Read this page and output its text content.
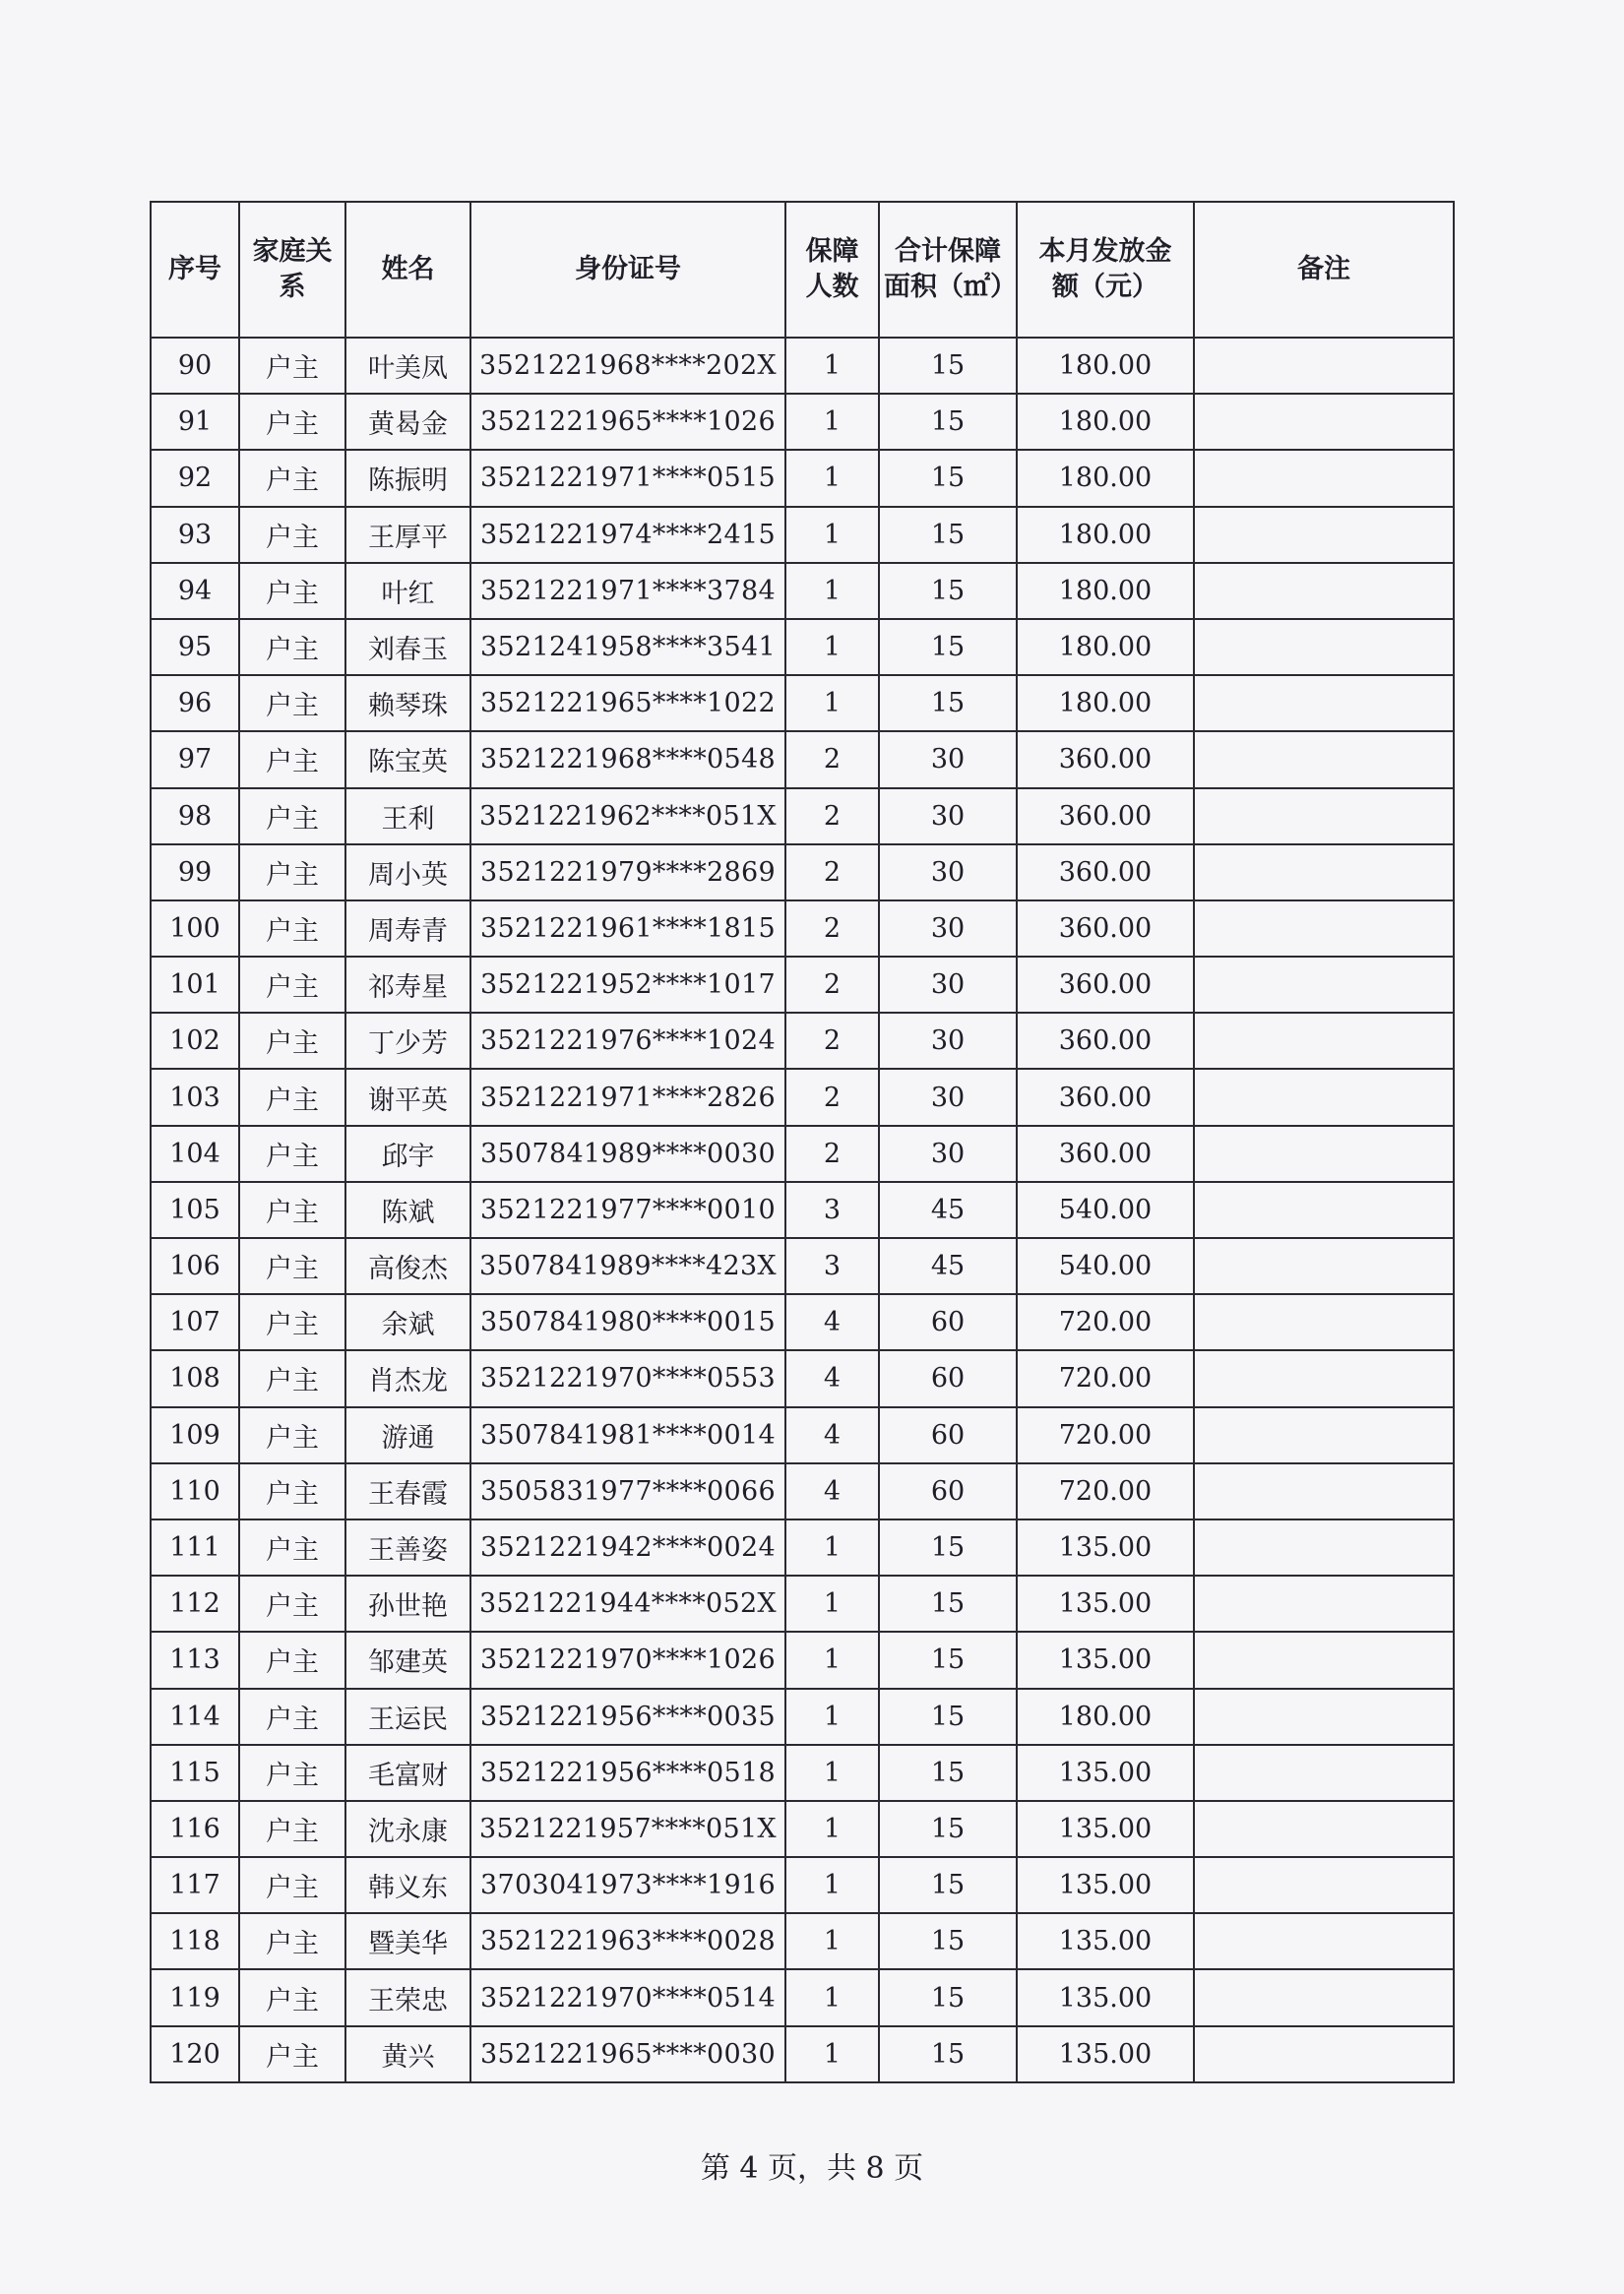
序号	家庭关系	姓名	身份证号	保障人数	合计保障面积（㎡）	本月发放金额（元）	备注
90	户主	叶美凤	3521221968****202X	1	15	180.00	
91	户主	黄曷金	3521221965****1026	1	15	180.00	
92	户主	陈振明	3521221971****0515	1	15	180.00	
93	户主	王厚平	3521221974****2415	1	15	180.00	
94	户主	叶红	3521221971****3784	1	15	180.00	
95	户主	刘春玉	3521241958****3541	1	15	180.00	
96	户主	赖琴珠	3521221965****1022	1	15	180.00	
97	户主	陈宝英	3521221968****0548	2	30	360.00	
98	户主	王利	3521221962****051X	2	30	360.00	
99	户主	周小英	3521221979****2869	2	30	360.00	
100	户主	周寿青	3521221961****1815	2	30	360.00	
101	户主	祁寿星	3521221952****1017	2	30	360.00	
102	户主	丁少芳	3521221976****1024	2	30	360.00	
103	户主	谢平英	3521221971****2826	2	30	360.00	
104	户主	邱宇	3507841989****0030	2	30	360.00	
105	户主	陈斌	3521221977****0010	3	45	540.00	
106	户主	高俊杰	3507841989****423X	3	45	540.00	
107	户主	余斌	3507841980****0015	4	60	720.00	
108	户主	肖杰龙	3521221970****0553	4	60	720.00	
109	户主	游通	3507841981****0014	4	60	720.00	
110	户主	王春霞	3505831977****0066	4	60	720.00	
111	户主	王善姿	3521221942****0024	1	15	135.00	
112	户主	孙世艳	3521221944****052X	1	15	135.00	
113	户主	邹建英	3521221970****1026	1	15	135.00	
114	户主	王运民	3521221956****0035	1	15	180.00	
115	户主	毛富财	3521221956****0518	1	15	135.00	
116	户主	沈永康	3521221957****051X	1	15	135.00	
117	户主	韩义东	3703041973****1916	1	15	135.00	
118	户主	暨美华	3521221963****0028	1	15	135.00	
119	户主	王荣忠	3521221970****0514	1	15	135.00	
120	户主	黄兴	3521221965****0030	1	15	135.00	
第 4 页，共 8 页
